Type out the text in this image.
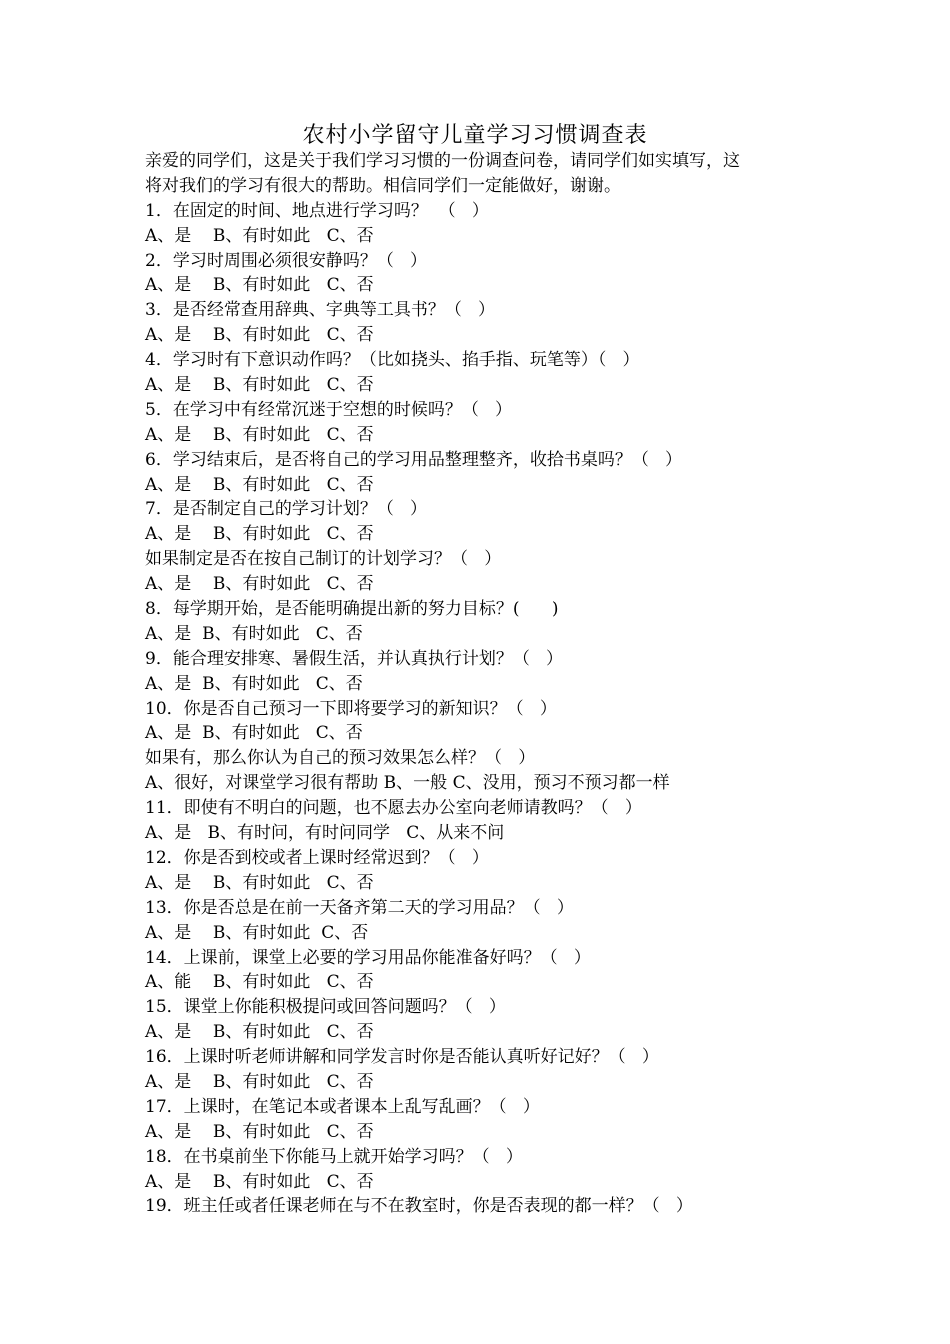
农村小学留守儿童学习习惯调查表
亲爱的同学们，这是关于我们学习习惯的一份调查问卷，请同学们如实填写，这
将对我们的学习有很大的帮助。相信同学们一定能做好，谢谢。
1．在固定的时间、地点进行学习吗？  （   ）
A、是    B、有时如此   C、否
2．学习时周围必须很安静吗？（   ）
A、是    B、有时如此   C、否
3．是否经常查用辞典、字典等工具书？（   ）
A、是    B、有时如此   C、否
4．学习时有下意识动作吗？（比如挠头、掐手指、玩笔等）（   ）
A、是    B、有时如此   C、否
5．在学习中有经常沉迷于空想的时候吗？（   ）
A、是    B、有时如此   C、否
6．学习结束后，是否将自己的学习用品整理整齐，收拾书桌吗？（   ）
A、是    B、有时如此   C、否
7．是否制定自己的学习计划？（   ）
A、是    B、有时如此   C、否
如果制定是否在按自己制订的计划学习？（   ）
A、是    B、有时如此   C、否
8．每学期开始，是否能明确提出新的努力目标？(      )
A、是  B、有时如此   C、否
9．能合理安排寒、暑假生活，并认真执行计划？（   ）
A、是  B、有时如此   C、否
10．你是否自己预习一下即将要学习的新知识？（   ）
A、是  B、有时如此   C、否
如果有，那么你认为自己的预习效果怎么样？（   ）
A、很好，对课堂学习很有帮助 B、一般 C、没用，预习不预习都一样
11．即使有不明白的问题，也不愿去办公室向老师请教吗？（   ）
A、是   B、有时问，有时问同学   C、从来不问
12．你是否到校或者上课时经常迟到？（   ）
A、是    B、有时如此   C、否
13．你是否总是在前一天备齐第二天的学习用品？（   ）
A、是    B、有时如此  C、否
14．上课前，课堂上必要的学习用品你能准备好吗？（   ）
A、能    B、有时如此   C、否
15．课堂上你能积极提问或回答问题吗？（   ）
A、是    B、有时如此   C、否
16．上课时听老师讲解和同学发言时你是否能认真听好记好？（   ）
A、是    B、有时如此   C、否
17．上课时，在笔记本或者课本上乱写乱画？（   ）
A、是    B、有时如此   C、否
18．在书桌前坐下你能马上就开始学习吗？（   ）
A、是    B、有时如此   C、否
19．班主任或者任课老师在与不在教室时，你是否表现的都一样？（   ）
